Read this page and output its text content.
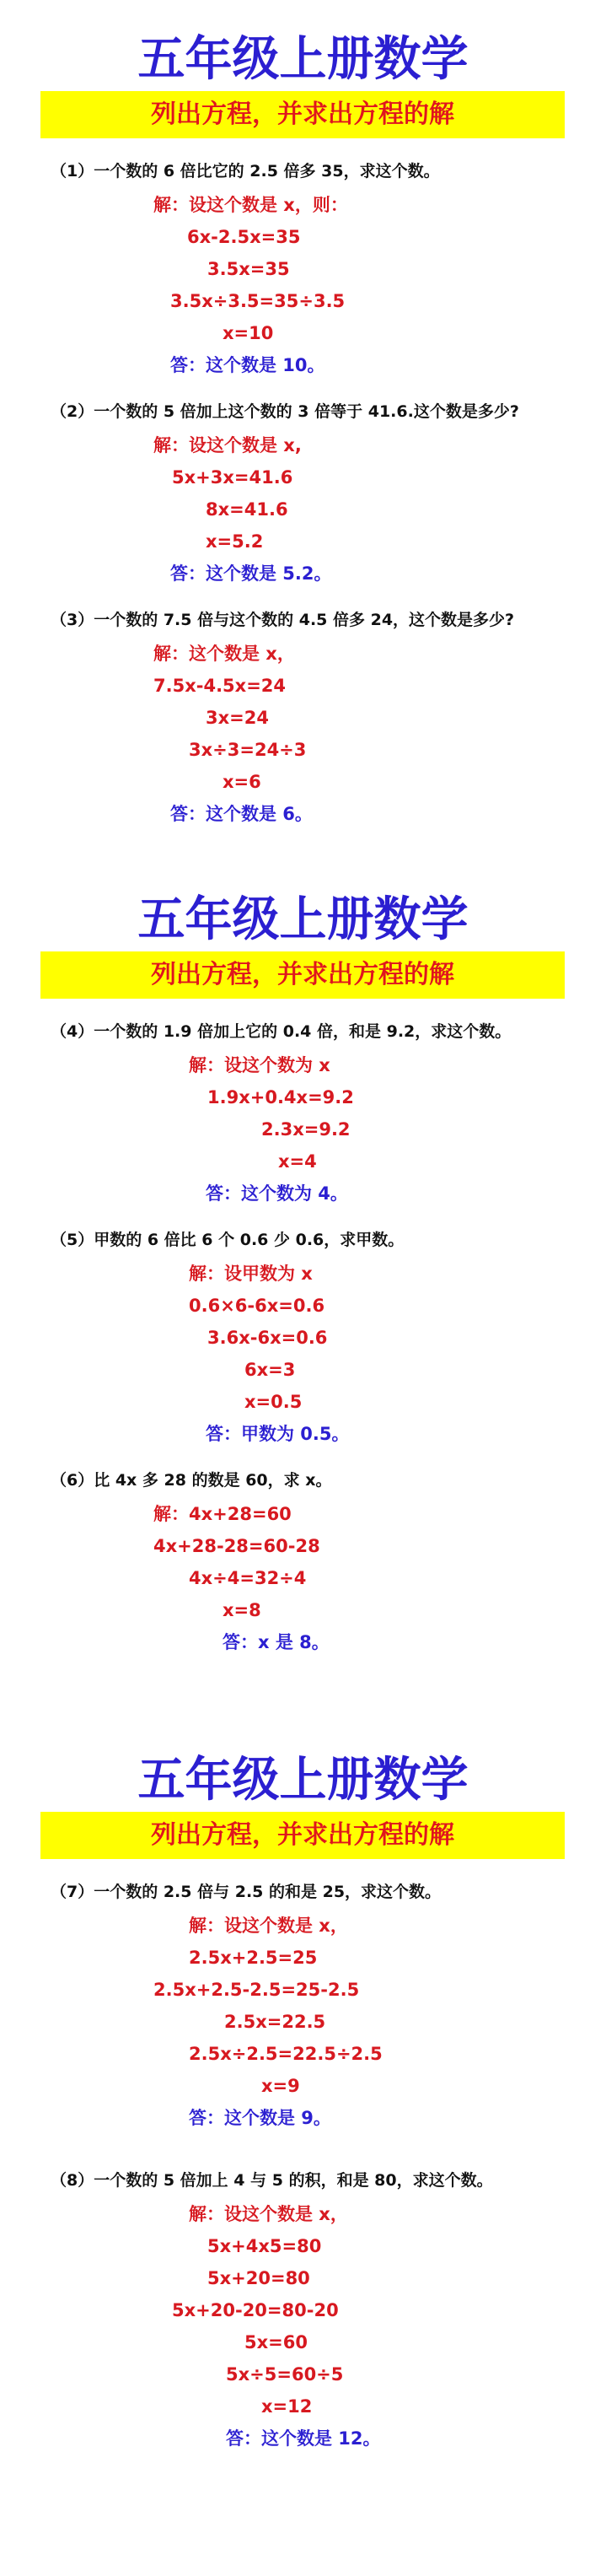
五年级上册数学
列出方程，并求出方程的解
（1）一个数的 6 倍比它的 2.5 倍多 35，求这个数。
解：设这个数是 x，则：
6x-2.5x=35
3.5x=35
3.5x÷3.5=35÷3.5
x=10
答：这个数是 10。
（2）一个数的 5 倍加上这个数的 3 倍等于 41.6.这个数是多少?
解：设这个数是 x,
5x+3x=41.6
8x=41.6
x=5.2
答：这个数是 5.2。
（3）一个数的 7.5 倍与这个数的 4.5 倍多 24，这个数是多少?
解：这个数是 x，
7.5x-4.5x=24
3x=24
3x÷3=24÷3
x=6
答：这个数是 6。
五年级上册数学
列出方程，并求出方程的解
（4）一个数的 1.9 倍加上它的 0.4 倍，和是 9.2，求这个数。
解：设这个数为 x
1.9x+0.4x=9.2
2.3x=9.2
x=4
答：这个数为 4。
（5）甲数的 6 倍比 6 个 0.6 少 0.6，求甲数。
解：设甲数为 x
0.6×6-6x=0.6
3.6x-6x=0.6
6x=3
x=0.5
答：甲数为 0.5。
（6）比 4x 多 28 的数是 60，求 x。
解：4x+28=60
4x+28-28=60-28
4x÷4=32÷4
x=8
答：x 是 8。
五年级上册数学
列出方程，并求出方程的解
（7）一个数的 2.5 倍与 2.5 的和是 25，求这个数。
解：设这个数是 x，
2.5x+2.5=25
2.5x+2.5-2.5=25-2.5
2.5x=22.5
2.5x÷2.5=22.5÷2.5
x=9
答：这个数是 9。
（8）一个数的 5 倍加上 4 与 5 的积，和是 80，求这个数。
解：设这个数是 x，
5x+4x5=80
5x+20=80
5x+20-20=80-20
5x=60
5x÷5=60÷5
x=12
答：这个数是 12。
